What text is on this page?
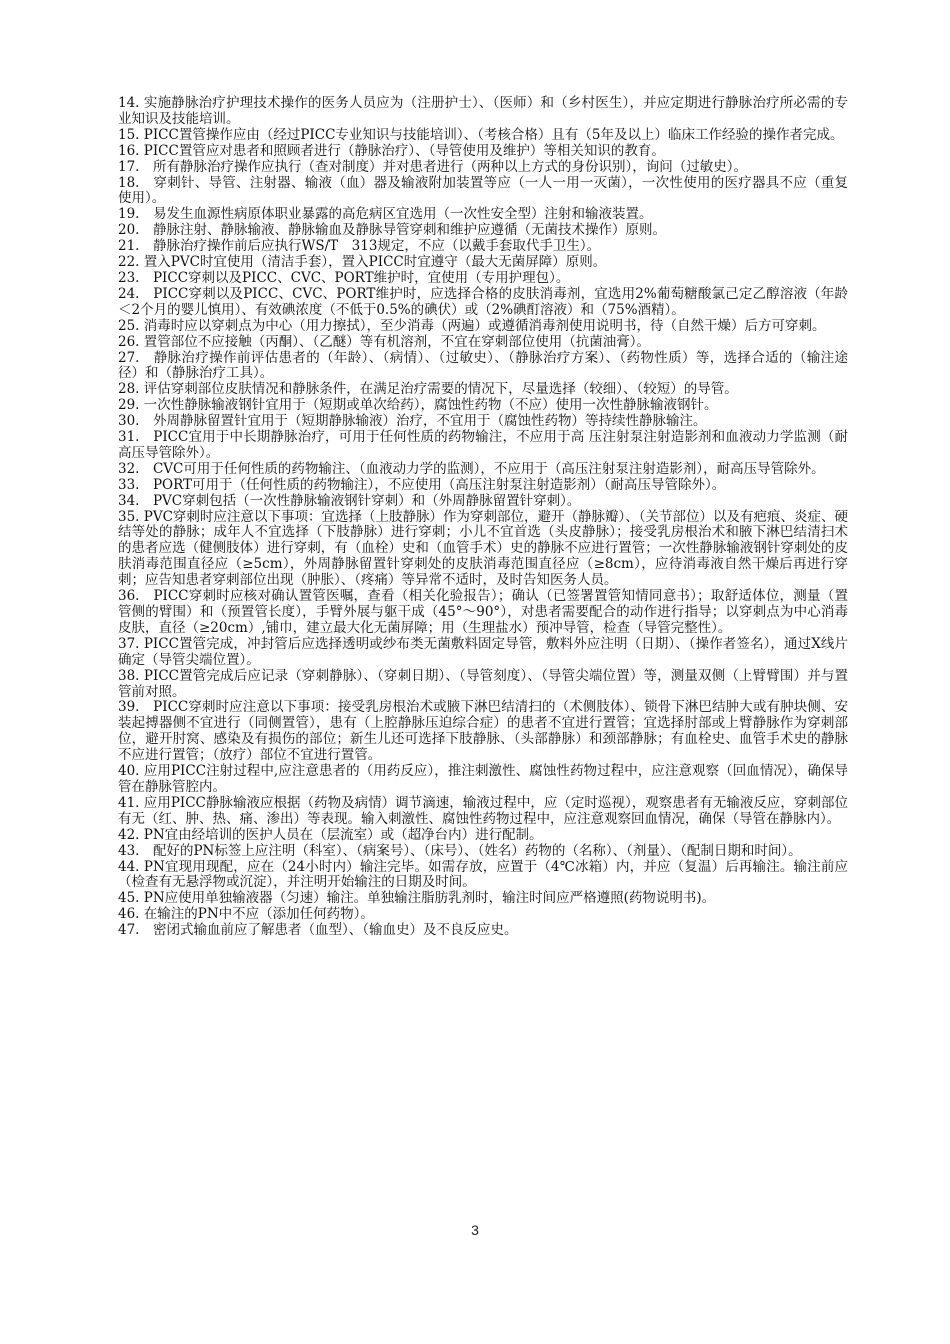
14. 实施静脉治疗护理技术操作的医务人员应为（注册护士）、（医师）和（乡村医生），并应定期进行静脉治疗所必需的专业知识及技能培训。

15. PICC置管操作应由（经过PICC专业知识与技能培训）、（考核合格）且有（5年及以上）临床工作经验的操作者完成。

16. PICC置管应对患者和照顾者进行（静脉治疗）、（导管使用及维护）等相关知识的教育。

17.　所有静脉治疗操作应执行（查对制度）并对患者进行（两种以上方式的身份识别），询问（过敏史）。

18.　穿刺针、导管、注射器、输液（血）器及输液附加装置等应（一人一用一灭菌），一次性使用的医疗器具不应（重复使用）。

19.　易发生血源性病原体职业暴露的高危病区宜选用（一次性安全型）注射和输液装置。

20.　静脉注射、静脉输液、静脉输血及静脉导管穿刺和维护应遵循（无菌技术操作）原则。

21.　静脉治疗操作前后应执行WS/T　313规定，不应（以戴手套取代手卫生）。

22. 置入PVC时宜使用（清洁手套），置入PICC时宜遵守（最大无菌屏障）原则。

23.　PICC穿刺以及PICC、CVC、PORT维护时，宜使用（专用护理包）。

24.　PICC穿刺以及PICC、CVC、PORT维护时，应选择合格的皮肤消毒剂，宜选用2%葡萄糖酸氯己定乙醇溶液（年龄＜2个月的婴儿慎用）、有效碘浓度（不低于0.5%的碘伏）或（2%碘酊溶液）和（75%酒精）。

25. 消毒时应以穿刺点为中心（用力擦拭），至少消毒（两遍）或遵循消毒剂使用说明书，待（自然干燥）后方可穿刺。

26. 置管部位不应接触（丙酮）、（乙醚）等有机溶剂，不宜在穿刺部位使用（抗菌油膏）。

27.　静脉治疗操作前评估患者的（年龄）、（病情）、（过敏史）、（静脉治疗方案）、（药物性质）等，选择合适的（输注途径）和（静脉治疗工具）。

28. 评估穿刺部位皮肤情况和静脉条件，在满足治疗需要的情况下，尽量选择（较细）、（较短）的导管。

29. 一次性静脉输液钢针宜用于（短期或单次给药），腐蚀性药物（不应）使用一次性静脉输液钢针。

30.　外周静脉留置针宜用于（短期静脉输液）治疗，不宜用于（腐蚀性药物）等持续性静脉输注。

31.　PICC宜用于中长期静脉治疗，可用于任何性质的药物输注，不应用于高 压注射泵注射造影剂和血液动力学监测（耐高压导管除外）。

32.　CVC可用于任何性质的药物输注、（血液动力学的监测），不应用于（高压注射泵注射造影剂），耐高压导管除外。

33.　PORT可用于（任何性质的药物输注），不应使用（高压注射泵注射造影剂）（耐高压导管除外）。

34.　PVC穿刺包括（一次性静脉输液钢针穿刺）和（外周静脉留置针穿刺）。

35. PVC穿刺时应注意以下事项：宜选择（上肢静脉）作为穿刺部位，避开（静脉瓣）、（关节部位）以及有疤痕、炎症、硬结等处的静脉；成年人不宜选择（下肢静脉）进行穿刺；小儿不宜首选（头皮静脉）；接受乳房根治术和腋下淋巴结清扫术的患者应选（健侧肢体）进行穿刺，有（血栓）史和（血管手术）史的静脉不应进行置管；一次性静脉输液钢针穿刺处的皮肤消毒范围直径应（≥5cm），外周静脉留置针穿刺处的皮肤消毒范围直径应（≥8cm），应待消毒液自然干燥后再进行穿刺；应告知患者穿刺部位出现（肿胀）、（疼痛）等异常不适时，及时告知医务人员。

36.　PICC穿刺时应核对确认置管医嘱，查看（相关化验报告）；确认（已签署置管知情同意书）；取舒适体位，测量（置管侧的臂围）和（预置管长度），手臂外展与躯干成（45°～90°），对患者需要配合的动作进行指导；以穿刺点为中心消毒皮肤，直径（≥20cm）,铺巾，建立最大化无菌屏障；用（生理盐水）预冲导管，检查（导管完整性）。

37. PICC置管完成，冲封管后应选择透明或纱布类无菌敷料固定导管，敷料外应注明（日期）、（操作者签名），通过X线片确定（导管尖端位置）。

38. PICC置管完成后应记录（穿刺静脉）、（穿刺日期）、（导管刻度）、（导管尖端位置）等，测量双侧（上臂臂围）并与置管前对照。

39.　PICC穿刺时应注意以下事项：接受乳房根治术或腋下淋巴结清扫的（术侧肢体）、锁骨下淋巴结肿大或有肿块侧、安装起搏器侧不宜进行（同侧置管），患有（上腔静脉压迫综合症）的患者不宜进行置管；宜选择肘部或上臂静脉作为穿刺部位，避开肘窝、感染及有损伤的部位；新生儿还可选择下肢静脉、（头部静脉）和颈部静脉；有血栓史、血管手术史的静脉不应进行置管；（放疗）部位不宜进行置管。

40. 应用PICC注射过程中,应注意患者的（用药反应），推注刺激性、腐蚀性药物过程中，应注意观察（回血情况），确保导管在静脉管腔内。

41. 应用PICC静脉输液应根据（药物及病情）调节滴速，输液过程中，应（定时巡视），观察患者有无输液反应，穿刺部位有无（红、肿、热、痛、渗出）等表现。输入刺激性、腐蚀性药物过程中，应注意观察回血情况，确保（导管在静脉内）。

42. PN宜由经培训的医护人员在（层流室）或（超净台内）进行配制。

43.　配好的PN标签上应注明（科室）、（病案号）、（床号）、（姓名）药物的（名称）、（剂量）、（配制日期和时间）。

44. PN宜现用现配，应在（24小时内）输注完毕。如需存放，应置于（4℃冰箱）内，并应（复温）后再输注。输注前应（检查有无悬浮物或沉淀），并注明开始输注的日期及时间。

45. PN应使用单独输液器（匀速）输注。单独输注脂肪乳剂时，输注时间应严格遵照(药物说明书)。

46. 在输注的PN中不应（添加任何药物）。

47.　密闭式输血前应了解患者（血型）、（输血史）及不良反应史。

3
